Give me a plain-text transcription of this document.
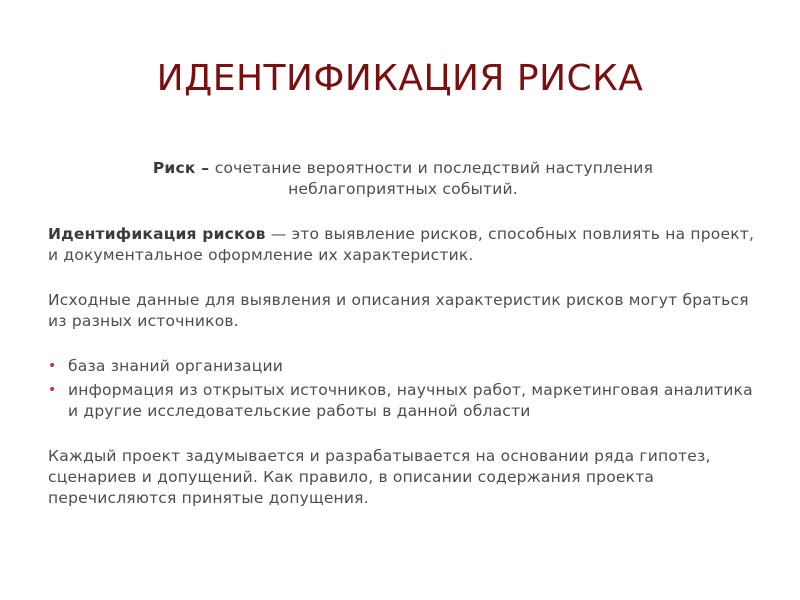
ИДЕНТИФИКАЦИЯ РИСКА

Риск – сочетание вероятности и последствий наступления неблагоприятных событий.

Идентификация рисков — это выявление рисков, способных повлиять на проект, и документальное оформление их характеристик.

Исходные данные для выявления и описания характеристик рисков могут браться из разных источников.

• база знаний организации
• информация из открытых источников, научных работ, маркетинговая аналитика и другие исследовательские работы в данной области

Каждый проект задумывается и разрабатывается на основании ряда гипотез, сценариев и допущений. Как правило, в описании содержания проекта перечисляются принятые допущения.
